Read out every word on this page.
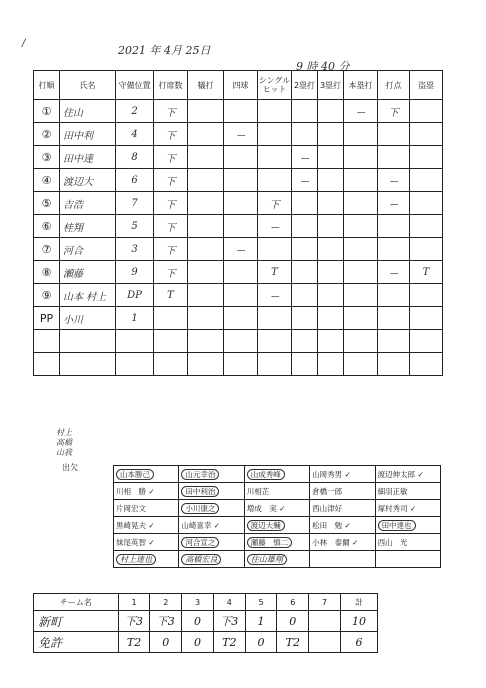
/
2021 年 4月 25日
9 時 40 分
打順	氏名	守備位置	打席数	犠打	四球	シングルヒット	2塁打	3塁打	本塁打	打点	盗塁
①	住山	2	下						ー	下	
②	田中利	4	下		ー						
③	田中達	8	下				ー				
④	渡辺大	6	下				ー			ー	
⑤	吉浩	7	下			下				ー	
⑥	桂翔	5	下			ー					
⑦	河合	3	下		ー						
⑧	瀬藤	9	下			T				ー	T
⑨	山本 村上	DP	T			ー					
PP	小川	1									

村上
高橋
山我
出欠
山本勝己	山元幸治	山成秀峰	山岡秀男 ✓	渡辺伸太郎 ✓
川相　勝 ✓	田中利治	川相芷	倉橋一郎	細羽正敏
片岡宏文	小川康之	増成　実 ✓	西山津好	塚村秀司 ✓
黒崎晃夫 ✓	山崎喜幸 ✓	渡辺大輔	松田　勉 ✓	田中達也
妹尾英智 ✓	河合宣之	瀬藤　慎二	小林　泰爾 ✓	西山　光
村上達也	高橋宏良	住山雄翔		
チーム名	1	2	3	4	5	6	7	計
新町	下3	下3	0	下3	1	0		10
免許	T2	0	0	T2	0	T2		6
